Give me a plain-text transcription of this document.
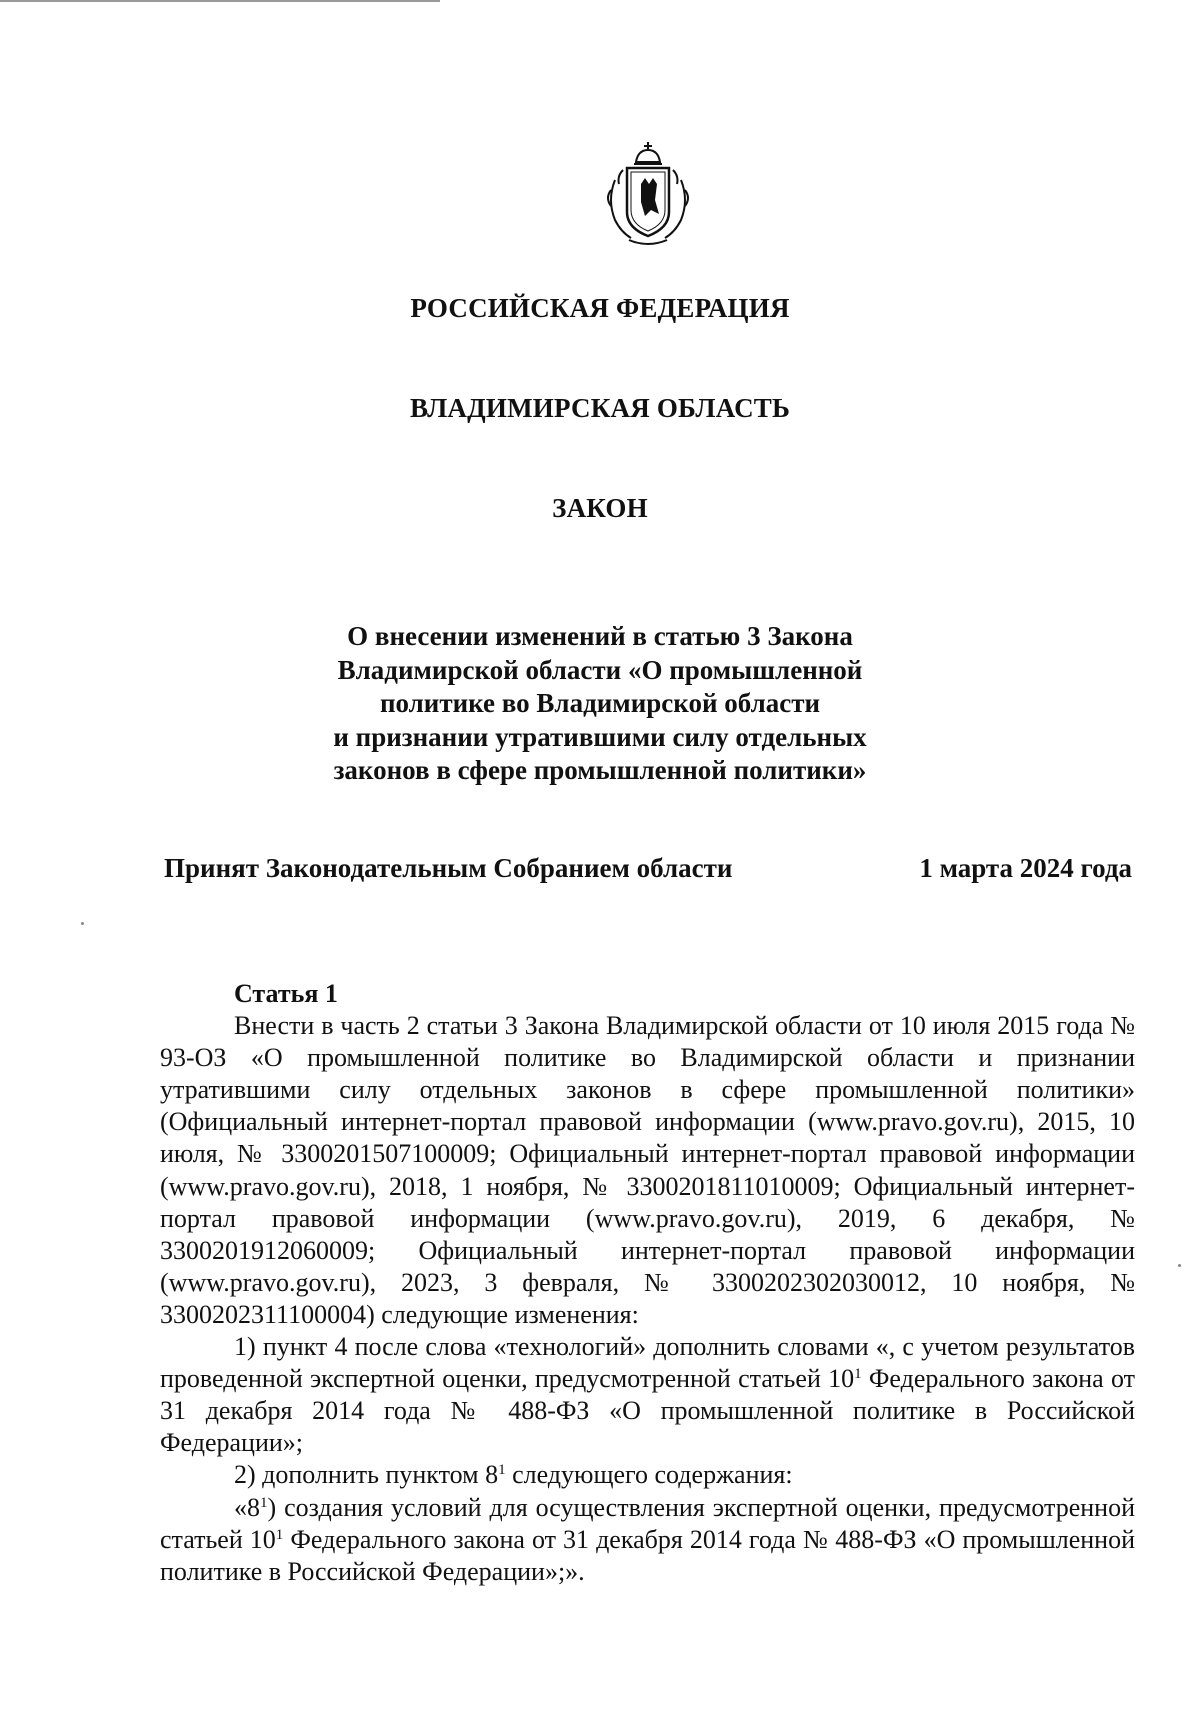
РОССИЙСКАЯ ФЕДЕРАЦИЯ
ВЛАДИМИРСКАЯ ОБЛАСТЬ
ЗАКОН
О внесении изменений в статью 3 Закона
Владимирской области «О промышленной
политике во Владимирской области
и признании утратившими силу отдельных
законов в сфере промышленной политики»
Принят Законодательным Собранием области	1 марта 2024 года
Статья 1

Внести в часть 2 статьи 3 Закона Владимирской области от 10 июля 2015 года № 93-ОЗ «О промышленной политике во Владимирской области и признании утратившими силу отдельных законов в сфере промышленной политики» (Официальный интернет-портал правовой информации (www.pravo.gov.ru), 2015, 10 июля, № 3300201507100009; Официальный интернет-портал правовой информации (www.pravo.gov.ru), 2018, 1 ноября, № 3300201811010009; Официальный интернет-портал правовой информации (www.pravo.gov.ru), 2019, 6 декабря, № 3300201912060009; Официальный интернет-портал правовой информации (www.pravo.gov.ru), 2023, 3 февраля, № 3300202302030012, 10 ноября, № 3300202311100004) следующие изменения:

1) пункт 4 после слова «технологий» дополнить словами «, с учетом результатов проведенной экспертной оценки, предусмотренной статьей $10^1$ Федерального закона от 31 декабря 2014 года № 488-ФЗ «О промышленной политике в Российской Федерации»;

2) дополнить пунктом $8^1$ следующего содержания:

«$8^1$) создания условий для осуществления экспертной оценки, предусмотренной статьей $10^1$ Федерального закона от 31 декабря 2014 года № 488-ФЗ «О промышленной политике в Российской Федерации»;».
